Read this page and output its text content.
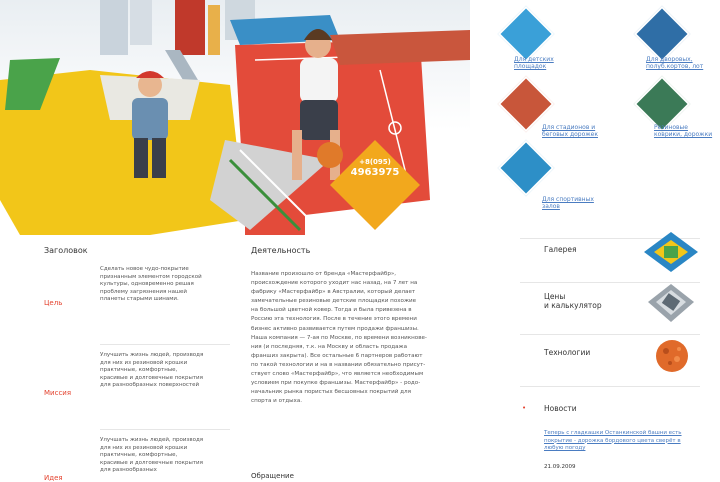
+8(095)
4963975
Для детских площадок
Для дворовых, полуб.кортов, лот
Для стадионов и беговых дорожек
Резиновые коврики, дорожки
Для спортивных залов
Заголовок
Цель
Сделать новое чудо-покрытие признанным элементом городской культуры, одновременно решая проблему загрязнения нашей планеты старыми шинами.
Миссия
Улучшить жизнь людей, производя для них из резиновой крошки практичные, комфортные, красивые и долговечные покрытия для разнообразных поверхностей
Идея
Улучшать жизнь людей, производя для них из резиновой крошки практичные, комфортные, красивые и долговечные покрытия для разнообразных
Деятельность
Название произошло от бренда «Мастерфайбр»,
происхождение которого уходит нас назад, на 7 лет на
фабрику «Мастерфайбр» в Австралии, который делает
замечательные резиновые детские площадки похожие
на большой цветной ковер. Тогда и была привезена в
Россию эта технология. После в течение этого времени
бизнес активно развивается путем продажи франшизы.
Наша компания — 7-ая по Москве, по времени возникнове-
ния (и последняя, т.к. на Москву и область продажа
франшиз закрыта). Все остальные 6 партнеров работают
по такой технологии и на в названии обязательно присут-
ствует слово «Мастерфайбр», что является необходимым
условием при покупке франшизы. Мастерфайбр» - родо-
начальник рынка пористых бесшовных покрытий для
спорта и отдыха.
Обращение
Галерея
Цены
и калькулятор
Технологии
• Новости
Теперь с гладкашки Останкинской башни есть покрытие - дорожка бордового цвета сверёт в любую погоду
21.09.2009
